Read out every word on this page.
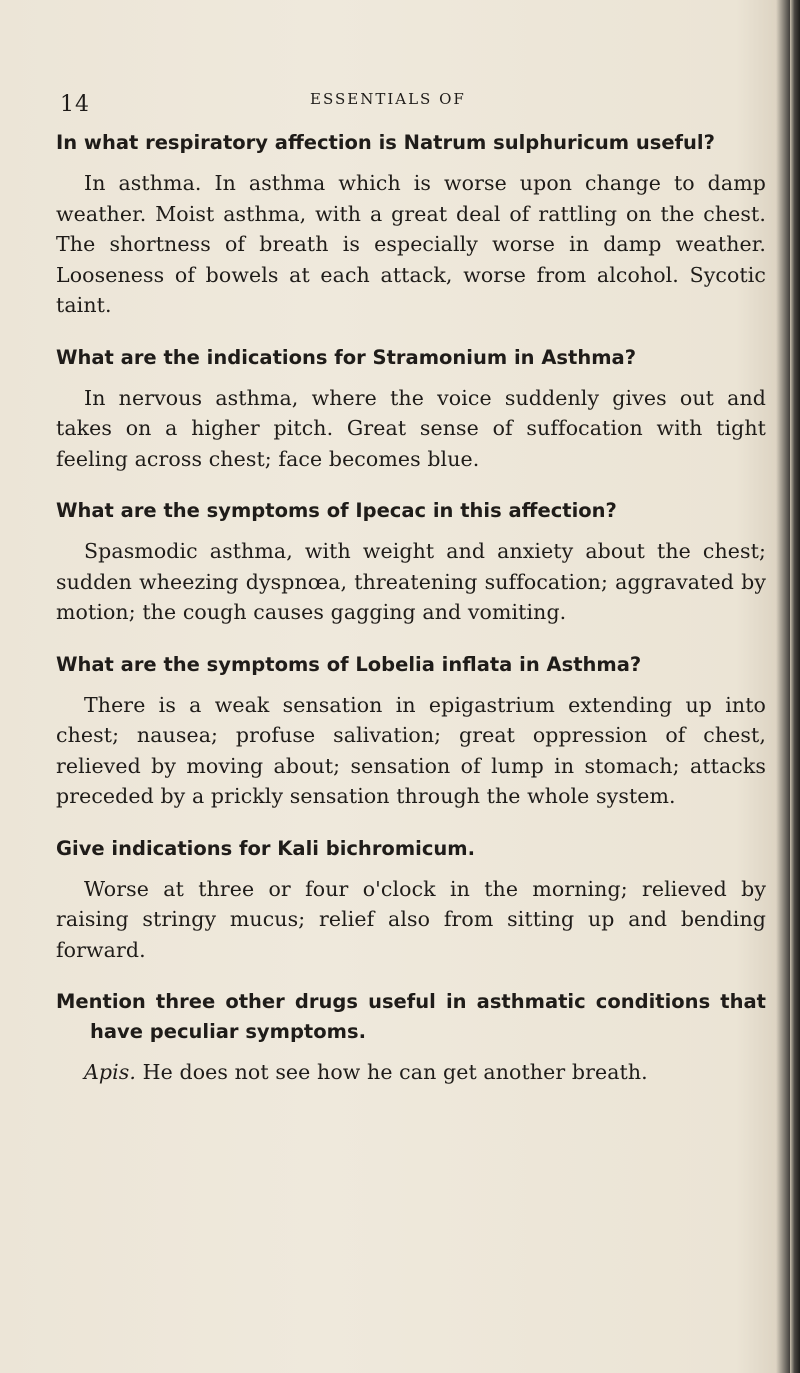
14	ESSENTIALS OF

In what respiratory affection is Natrum sulphuricum useful?

In asthma. In asthma which is worse upon change to damp weather. Moist asthma, with a great deal of rattling on the chest. The shortness of breath is especially worse in damp weather. Looseness of bowels at each attack, worse from alcohol. Sycotic taint.

What are the indications for Stramonium in Asthma?

In nervous asthma, where the voice suddenly gives out and takes on a higher pitch. Great sense of suffocation with tight feeling across chest; face becomes blue.

What are the symptoms of Ipecac in this affection?

Spasmodic asthma, with weight and anxiety about the chest; sudden wheezing dyspnœa, threatening suffocation; aggravated by motion; the cough causes gagging and vomiting.

What are the symptoms of Lobelia inflata in Asthma?

There is a weak sensation in epigastrium extending up into chest; nausea; profuse salivation; great oppression of chest, relieved by moving about; sensation of lump in stomach; attacks preceded by a prickly sensation through the whole system.

Give indications for Kali bichromicum.

Worse at three or four o'clock in the morning; relieved by raising stringy mucus; relief also from sitting up and bending forward.

Mention three other drugs useful in asthmatic conditions that have peculiar symptoms.

Apis. He does not see how he can get another breath.
